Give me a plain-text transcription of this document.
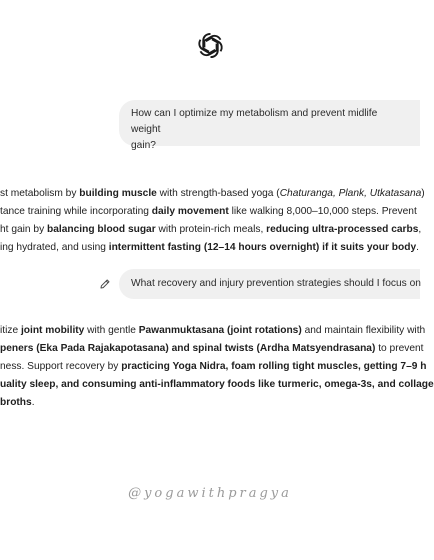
How can I optimize my metabolism and prevent midlife weight
gain?
st metabolism by building muscle with strength-based yoga (Chaturanga, Plank, Utkatasana)
tance training while incorporating daily movement like walking 8,000–10,000 steps. Prevent
ht gain by balancing blood sugar with protein-rich meals, reducing ultra-processed carbs,
ing hydrated, and using intermittent fasting (12–14 hours overnight) if it suits your body.
What recovery and injury prevention strategies should I focus on
itize joint mobility with gentle Pawanmuktasana (joint rotations) and maintain flexibility with
peners (Eka Pada Rajakapotasana) and spinal twists (Ardha Matsyendrasana) to prevent
ness. Support recovery by practicing Yoga Nidra, foam rolling tight muscles, getting 7–9 h
uality sleep, and consuming anti-inflammatory foods like turmeric, omega-3s, and collage
broths.
@yogawithpragya
